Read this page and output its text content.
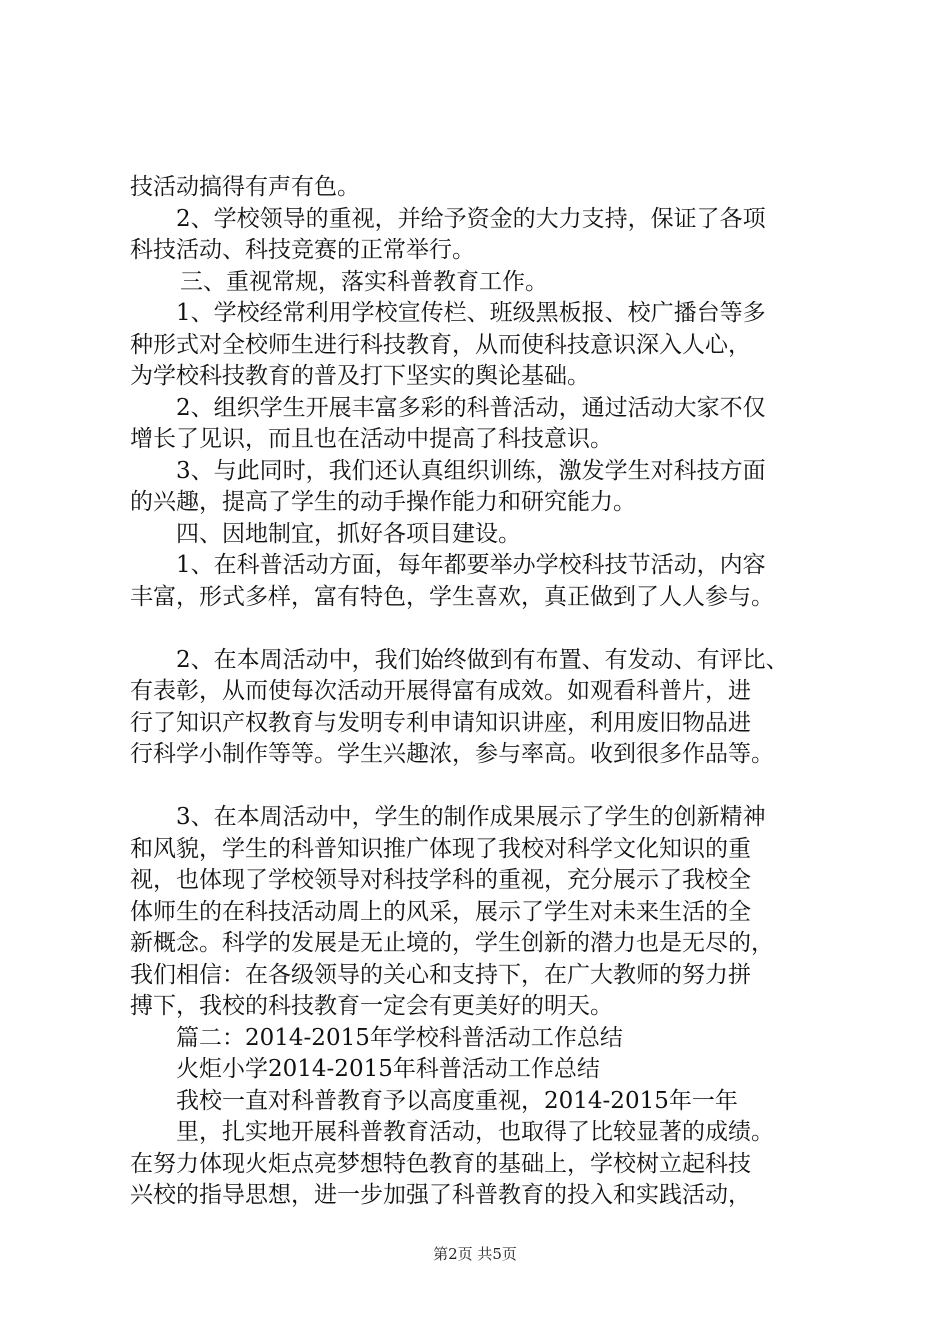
技活动搞得有声有色。
2、学校领导的重视，并给予资金的大力支持，保证了各项
科技活动、科技竞赛的正常举行。
三、重视常规，落实科普教育工作。
1、学校经常利用学校宣传栏、班级黑板报、校广播台等多
种形式对全校师生进行科技教育，从而使科技意识深入人心，
为学校科技教育的普及打下坚实的舆论基础。
2、组织学生开展丰富多彩的科普活动，通过活动大家不仅
增长了见识，而且也在活动中提高了科技意识。
3、与此同时，我们还认真组织训练，激发学生对科技方面
的兴趣，提高了学生的动手操作能力和研究能力。
四、因地制宜，抓好各项目建设。
1、在科普活动方面，每年都要举办学校科技节活动，内容
丰富，形式多样，富有特色，学生喜欢，真正做到了人人参与。
2、在本周活动中，我们始终做到有布置、有发动、有评比、
有表彰，从而使每次活动开展得富有成效。如观看科普片，进
行了知识产权教育与发明专利申请知识讲座，利用废旧物品进
行科学小制作等等。学生兴趣浓，参与率高。收到很多作品等。
3、在本周活动中，学生的制作成果展示了学生的创新精神
和风貌，学生的科普知识推广体现了我校对科学文化知识的重
视，也体现了学校领导对科技学科的重视，充分展示了我校全
体师生的在科技活动周上的风采，展示了学生对未来生活的全
新概念。科学的发展是无止境的，学生创新的潜力也是无尽的，
我们相信：在各级领导的关心和支持下，在广大教师的努力拼
搏下，我校的科技教育一定会有更美好的明天。
篇二：2014-2015年学校科普活动工作总结
火炬小学2014-2015年科普活动工作总结
我校一直对科普教育予以高度重视，2014-2015年一年
里，扎实地开展科普教育活动，也取得了比较显著的成绩。
在努力体现火炬点亮梦想特色教育的基础上，学校树立起科技
兴校的指导思想，进一步加强了科普教育的投入和实践活动，
第2页 共5页
